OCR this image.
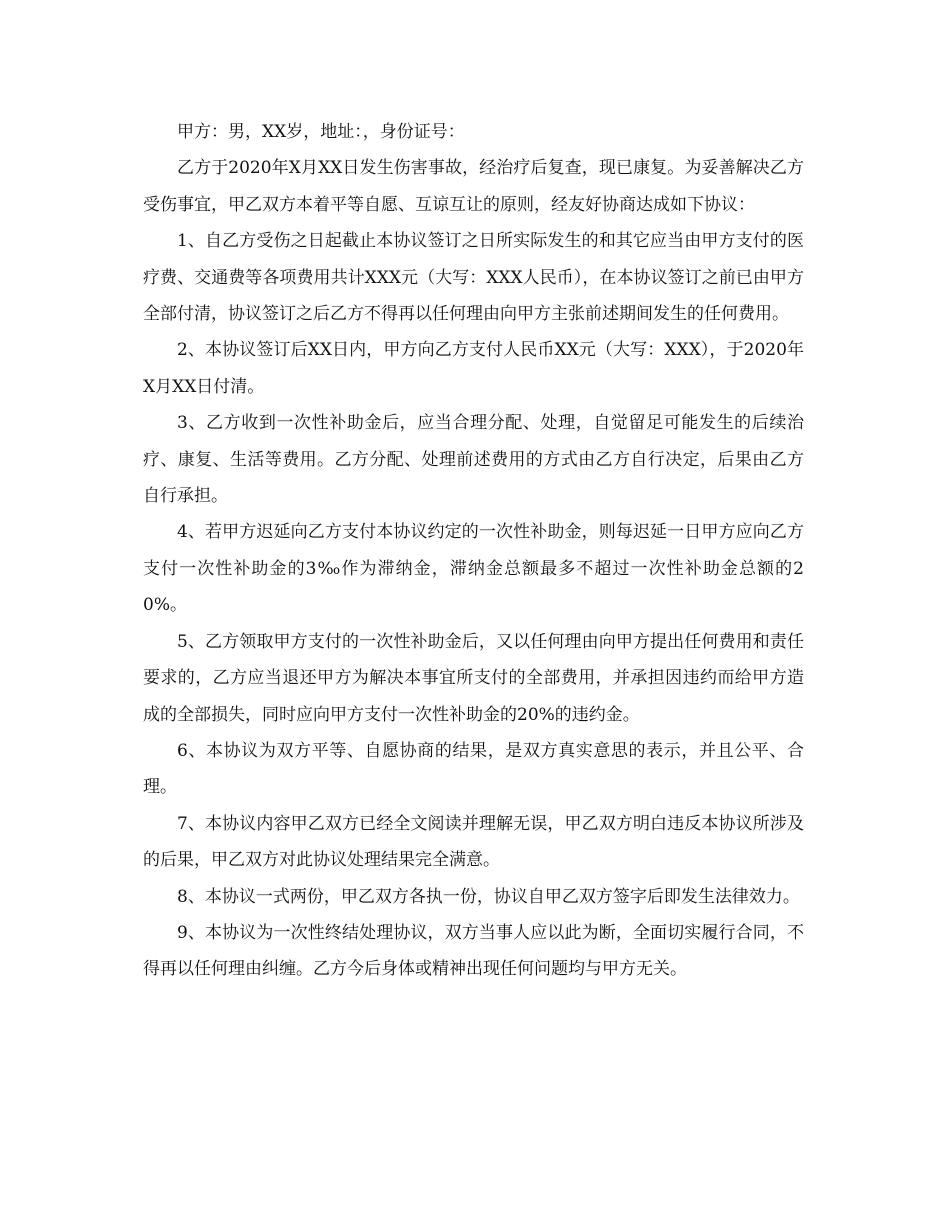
甲方：男，XX岁，地址：，身份证号：

乙方于2020年X月XX日发生伤害事故，经治疗后复查，现已康复。为妥善解决乙方受伤事宜，甲乙双方本着平等自愿、互谅互让的原则，经友好协商达成如下协议：

1、自乙方受伤之日起截止本协议签订之日所实际发生的和其它应当由甲方支付的医疗费、交通费等各项费用共计XXX元（大写：XXX人民币），在本协议签订之前已由甲方全部付清，协议签订之后乙方不得再以任何理由向甲方主张前述期间发生的任何费用。

2、本协议签订后XX日内，甲方向乙方支付人民币XX元（大写：XXX），于2020年X月XX日付清。

3、乙方收到一次性补助金后，应当合理分配、处理，自觉留足可能发生的后续治疗、康复、生活等费用。乙方分配、处理前述费用的方式由乙方自行决定，后果由乙方自行承担。

4、若甲方迟延向乙方支付本协议约定的一次性补助金，则每迟延一日甲方应向乙方支付一次性补助金的3‰作为滞纳金，滞纳金总额最多不超过一次性补助金总额的20%。

5、乙方领取甲方支付的一次性补助金后，又以任何理由向甲方提出任何费用和责任要求的，乙方应当退还甲方为解决本事宜所支付的全部费用，并承担因违约而给甲方造成的全部损失，同时应向甲方支付一次性补助金的20%的违约金。

6、本协议为双方平等、自愿协商的结果，是双方真实意思的表示，并且公平、合理。

7、本协议内容甲乙双方已经全文阅读并理解无误，甲乙双方明白违反本协议所涉及的后果，甲乙双方对此协议处理结果完全满意。

8、本协议一式两份，甲乙双方各执一份，协议自甲乙双方签字后即发生法律效力。

9、本协议为一次性终结处理协议，双方当事人应以此为断，全面切实履行合同，不得再以任何理由纠缠。乙方今后身体或精神出现任何问题均与甲方无关。
